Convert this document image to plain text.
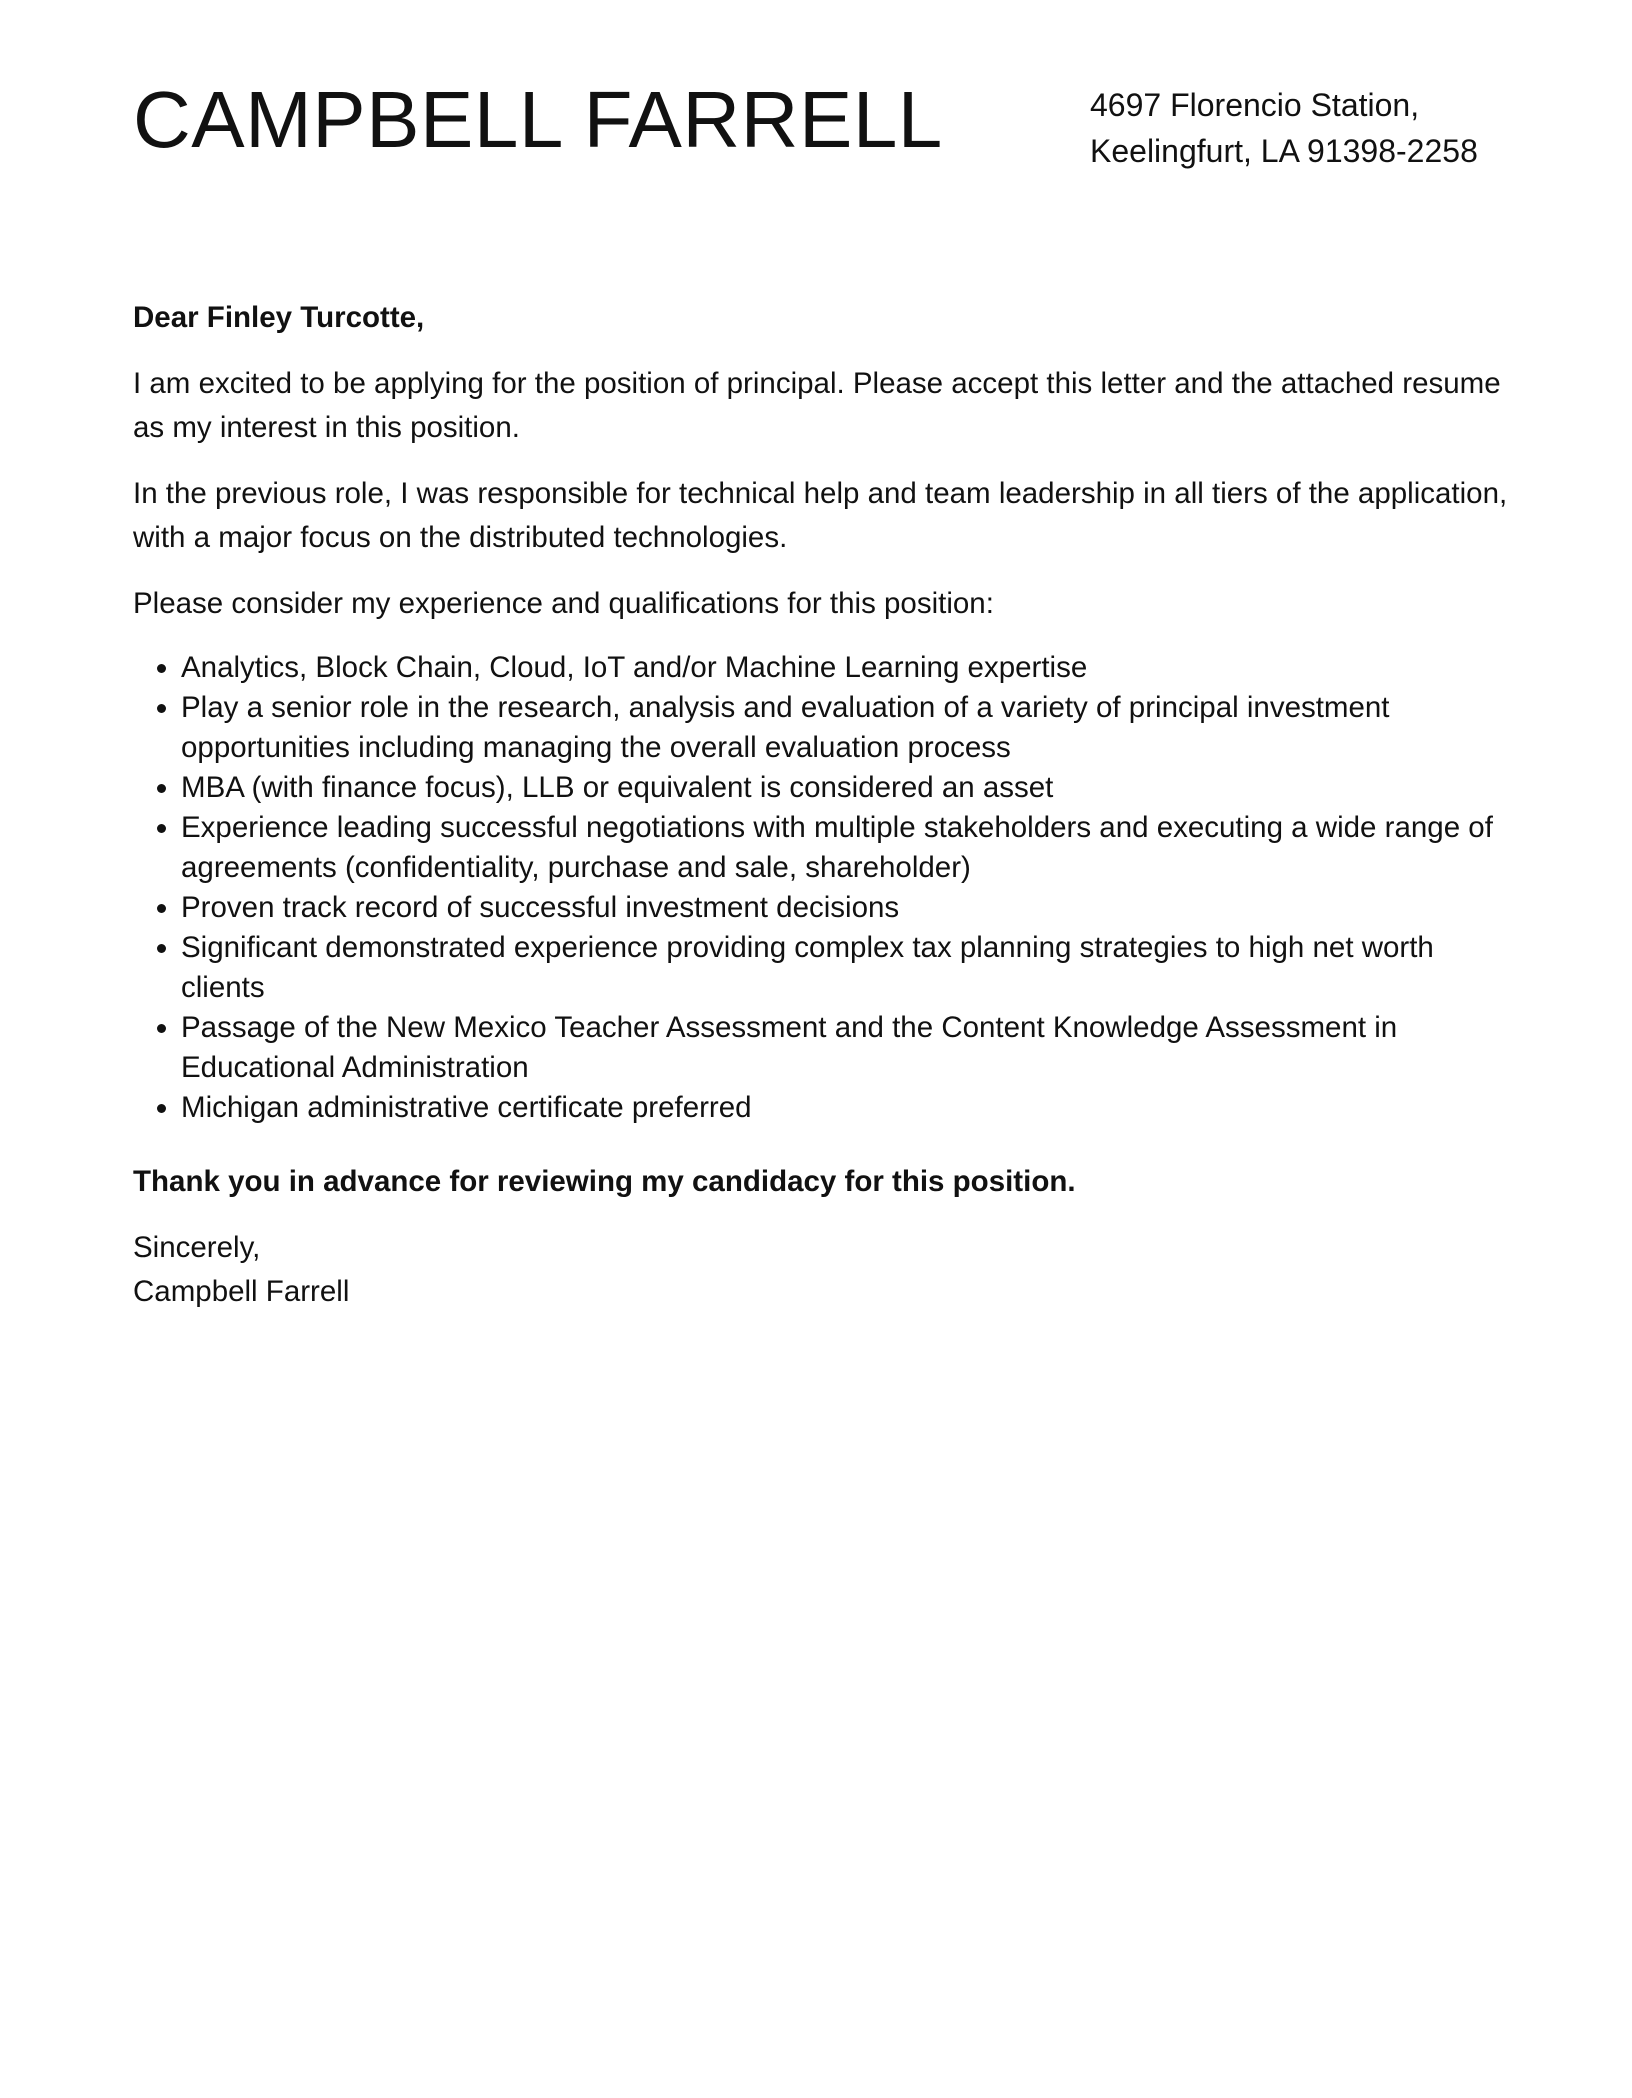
CAMPBELL FARRELL	4697 Florencio Station,
Keelingfurt, LA 91398-2258

Dear Finley Turcotte,

I am excited to be applying for the position of principal. Please accept this letter and the attached resume as my interest in this position.

In the previous role, I was responsible for technical help and team leadership in all tiers of the application, with a major focus on the distributed technologies.

Please consider my experience and qualifications for this position:

• Analytics, Block Chain, Cloud, IoT and/or Machine Learning expertise
• Play a senior role in the research, analysis and evaluation of a variety of principal investment opportunities including managing the overall evaluation process
• MBA (with finance focus), LLB or equivalent is considered an asset
• Experience leading successful negotiations with multiple stakeholders and executing a wide range of agreements (confidentiality, purchase and sale, shareholder)
• Proven track record of successful investment decisions
• Significant demonstrated experience providing complex tax planning strategies to high net worth clients
• Passage of the New Mexico Teacher Assessment and the Content Knowledge Assessment in Educational Administration
• Michigan administrative certificate preferred

Thank you in advance for reviewing my candidacy for this position.

Sincerely,
Campbell Farrell
